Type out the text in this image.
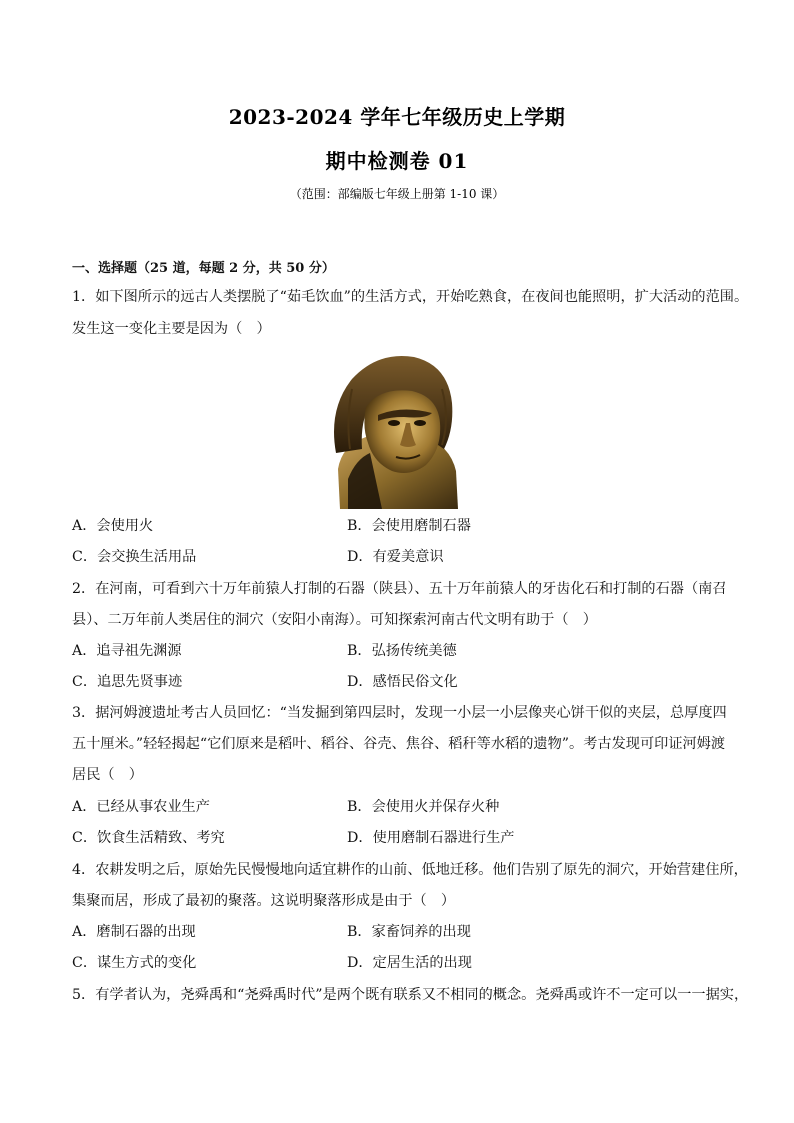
2023-2024 学年七年级历史上学期
期中检测卷 01
（范围：部编版七年级上册第 1-10 课）
一、选择题（25 道，每题 2 分，共 50 分）
1．如下图所示的远古人类摆脱了“茹毛饮血”的生活方式，开始吃熟食，在夜间也能照明，扩大活动的范围。
发生这一变化主要是因为（　）
A．会使用火	B．会使用磨制石器
C．会交换生活用品	D．有爱美意识
2．在河南，可看到六十万年前猿人打制的石器（陕县）、五十万年前猿人的牙齿化石和打制的石器（南召
县）、二万年前人类居住的洞穴（安阳小南海）。可知探索河南古代文明有助于（　）
A．追寻祖先渊源	B．弘扬传统美德
C．追思先贤事迹	D．感悟民俗文化
3．据河姆渡遗址考古人员回忆：“当发掘到第四层时，发现一小层一小层像夹心饼干似的夹层，总厚度四
五十厘米。”轻轻揭起“它们原来是稻叶、稻谷、谷壳、焦谷、稻秆等水稻的遗物”。考古发现可印证河姆渡
居民（　）
A．已经从事农业生产	B．会使用火并保存火种
C．饮食生活精致、考究	D．使用磨制石器进行生产
4．农耕发明之后，原始先民慢慢地向适宜耕作的山前、低地迁移。他们告别了原先的洞穴，开始营建住所，
集聚而居，形成了最初的聚落。这说明聚落形成是由于（　）
A．磨制石器的出现	B．家畜饲养的出现
C．谋生方式的变化	D．定居生活的出现
5．有学者认为，尧舜禹和“尧舜禹时代”是两个既有联系又不相同的概念。尧舜禹或许不一定可以一一据实，
